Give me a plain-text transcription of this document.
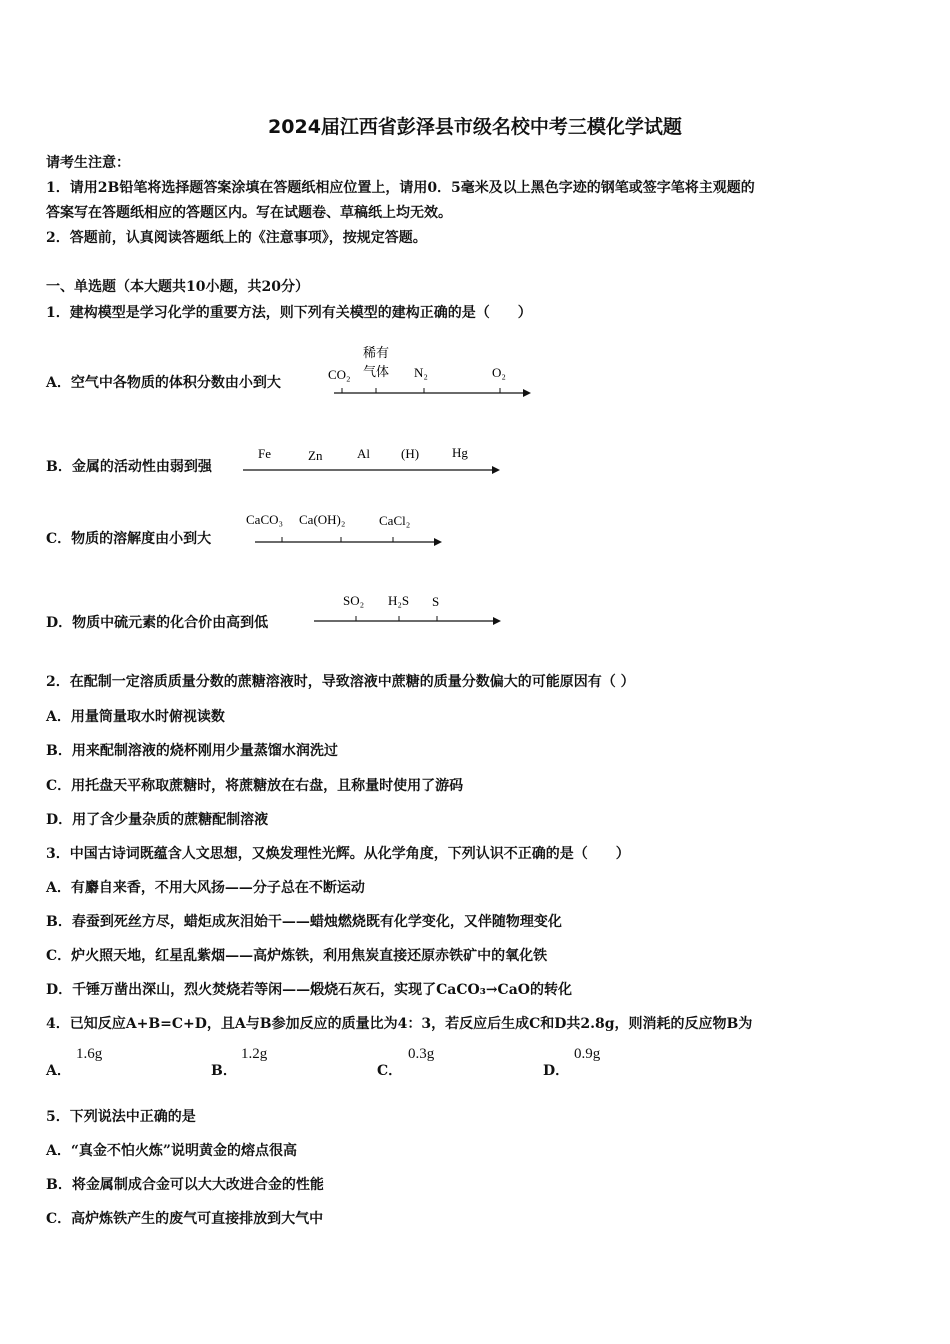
2024届江西省彭泽县市级名校中考三模化学试题
请考生注意：
1．请用2B铅笔将选择题答案涂填在答题纸相应位置上，请用0．5毫米及以上黑色字迹的钢笔或签字笔将主观题的
答案写在答题纸相应的答题区内。写在试题卷、草稿纸上均无效。
2．答题前，认真阅读答题纸上的《注意事项》，按规定答题。
一、单选题（本大题共10小题，共20分）
1．建构模型是学习化学的重要方法，则下列有关模型的建构正确的是（　　）
A．空气中各物质的体积分数由小到大
CO₂
稀有
气体 N₂	O₂
Fe	Zn	Al (H)	Hg
CaCO₃ Ca(OH)₂	CaCl₂
SO₂ H₂S S
B．金属的活动性由弱到强
C．物质的溶解度由小到大
D．物质中硫元素的化合价由高到低
2．在配制一定溶质质量分数的蔗糖溶液时，导致溶液中蔗糖的质量分数偏大的可能原因有（ ）
A．用量筒量取水时俯视读数
B．用来配制溶液的烧杯刚用少量蒸馏水润洗过
C．用托盘天平称取蔗糖时，将蔗糖放在右盘，且称量时使用了游码
D．用了含少量杂质的蔗糖配制溶液
3．中国古诗词既蕴含人文思想，又焕发理性光辉。从化学角度，下列认识不正确的是（　　）
A．有麝自来香，不用大风扬——分子总在不断运动
B．春蚕到死丝方尽，蜡炬成灰泪始干——蜡烛燃烧既有化学变化，又伴随物理变化
C．炉火照天地，红星乱紫烟——高炉炼铁，利用焦炭直接还原赤铁矿中的氧化铁
D．千锤万凿出深山，烈火焚烧若等闲——煅烧石灰石，实现了CaCO₃→CaO的转化
4．已知反应A+B=C+D，且A与B参加反应的质量比为4：3，若反应后生成C和D共2.8g，则消耗的反应物B为
A．
1.6g
B．
1.2g
C．
0.3g
D．
0.9g
5．下列说法中正确的是
A．“真金不怕火炼”说明黄金的熔点很高
B．将金属制成合金可以大大改进合金的性能
C．高炉炼铁产生的废气可直接排放到大气中
